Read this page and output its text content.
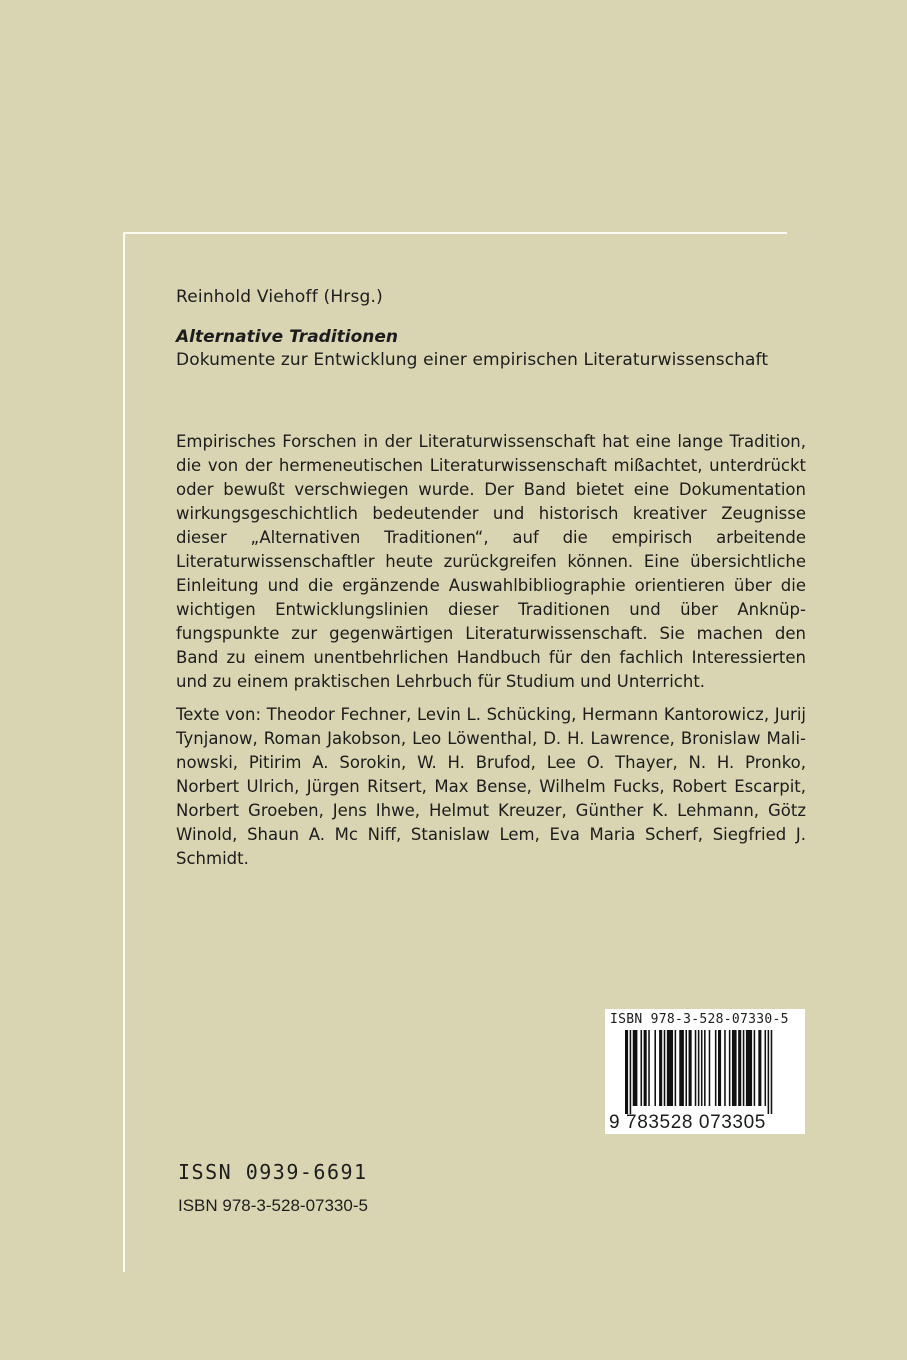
Reinhold Viehoff (Hrsg.)
Alternative Traditionen
Dokumente zur Entwicklung einer empirischen Literaturwissenschaft

Empirisches Forschen in der Literaturwissenschaft hat eine lange Tradition, die von der hermeneutischen Literaturwissenschaft mißachtet, unterdrückt oder bewußt verschwiegen wurde. Der Band bietet eine Dokumentation wirkungsgeschichtlich bedeutender und historisch kreativer Zeugnisse dieser „Alternativen Traditionen“, auf die empirisch arbeitende Literaturwissenschaftler heute zurückgreifen können. Eine übersichtliche Einleitung und die ergänzende Auswahlbibliographie orientieren über die wichtigen Entwicklungslinien dieser Traditionen und über Anknüpfungspunkte zur gegenwärtigen Literaturwissenschaft. Sie machen den Band zu einem unentbehrlichen Handbuch für den fachlich Interessierten und zu einem praktischen Lehrbuch für Studium und Unterricht.

Texte von: Theodor Fechner, Levin L. Schücking, Hermann Kantorowicz, Jurij Tynjanow, Roman Jakobson, Leo Löwenthal, D. H. Lawrence, Bronislaw Malinowski, Pitirim A. Sorokin, W. H. Brufod, Lee O. Thayer, N. H. Pronko, Norbert Ulrich, Jürgen Ritsert, Max Bense, Wilhelm Fucks, Robert Escarpit, Norbert Groeben, Jens Ihwe, Helmut Kreuzer, Günther K. Lehmann, Götz Winold, Shaun A. Mc Niff, Stanislaw Lem, Eva Maria Scherf, Siegfried J. Schmidt.

ISBN 978-3-528-07330-5
9 783528 073305
ISSN 0939-6691
ISBN 978-3-528-07330-5
